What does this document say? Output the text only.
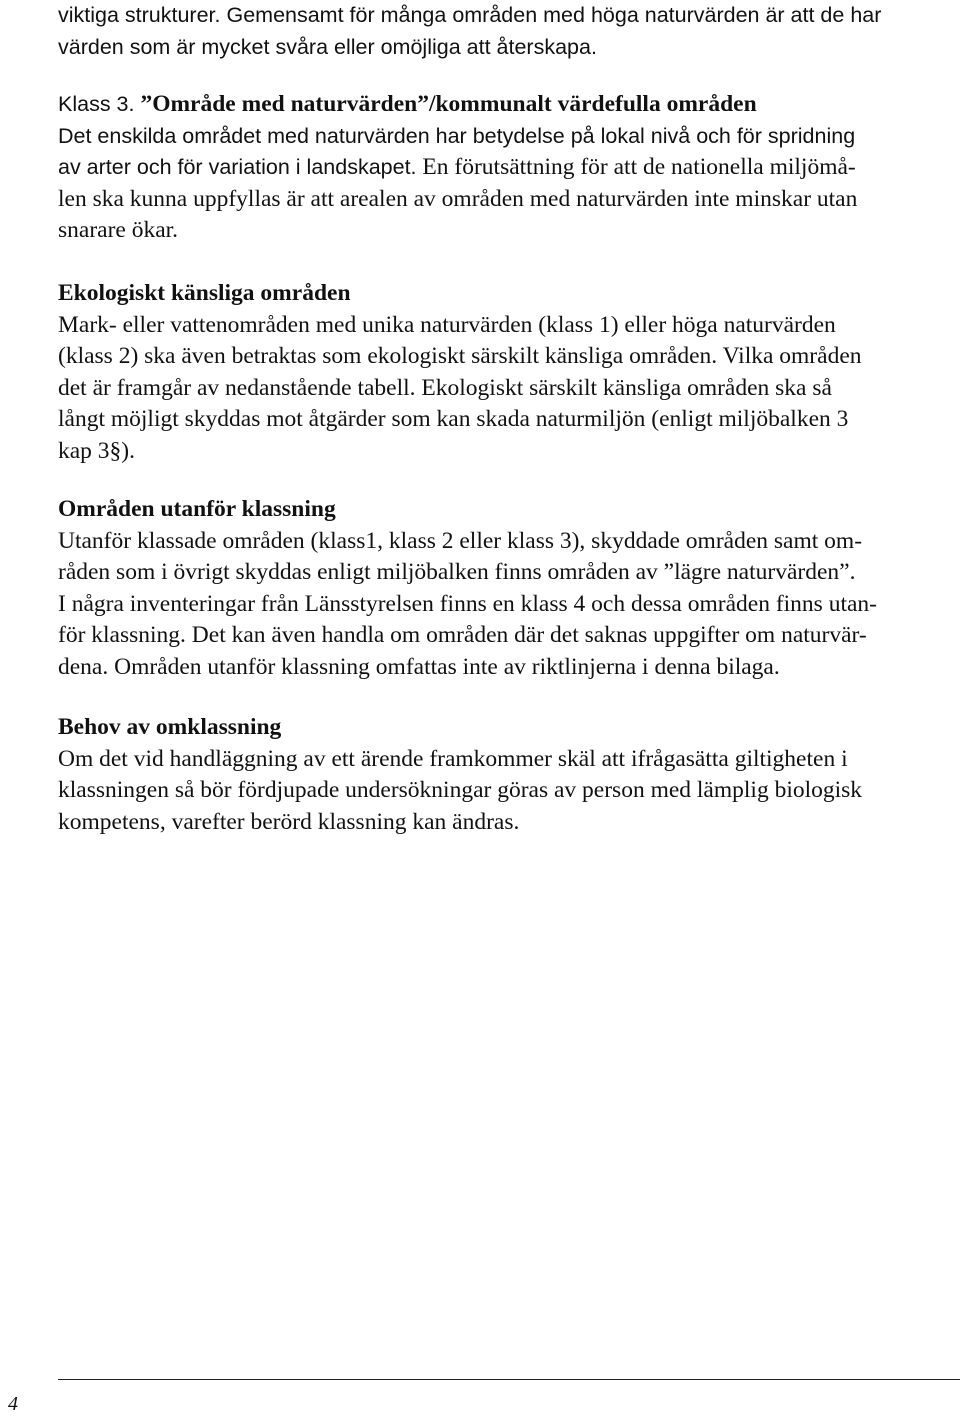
viktiga strukturer. Gemensamt för många områden med höga naturvärden är att de har
värden som är mycket svåra eller omöjliga att återskapa.
Klass 3. ”Område med naturvärden”/kommunalt värdefulla områden
Det enskilda området med naturvärden har betydelse på lokal nivå och för spridning
av arter och för variation i landskapet. En förutsättning för att de nationella miljömå-
len ska kunna uppfyllas är att arealen av områden med naturvärden inte minskar utan
snarare ökar.
Ekologiskt känsliga områden
Mark- eller vattenområden med unika naturvärden (klass 1) eller höga naturvärden
(klass 2) ska även betraktas som ekologiskt särskilt känsliga områden. Vilka områden
det är framgår av nedanstående tabell. Ekologiskt särskilt känsliga områden ska så
långt möjligt skyddas mot åtgärder som kan skada naturmiljön (enligt miljöbalken 3
kap 3§).
Områden utanför klassning
Utanför klassade områden (klass1, klass 2 eller klass 3), skyddade områden samt om-
råden som i övrigt skyddas enligt miljöbalken finns områden av ”lägre naturvärden”.
I några inventeringar från Länsstyrelsen finns en klass 4 och dessa områden finns utan-
för klassning. Det kan även handla om områden där det saknas uppgifter om naturvär-
dena. Områden utanför klassning omfattas inte av riktlinjerna i denna bilaga.
Behov av omklassning
Om det vid handläggning av ett ärende framkommer skäl att ifrågasätta giltigheten i
klassningen så bör fördjupade undersökningar göras av person med lämplig biologisk
kompetens, varefter berörd klassning kan ändras.
4
